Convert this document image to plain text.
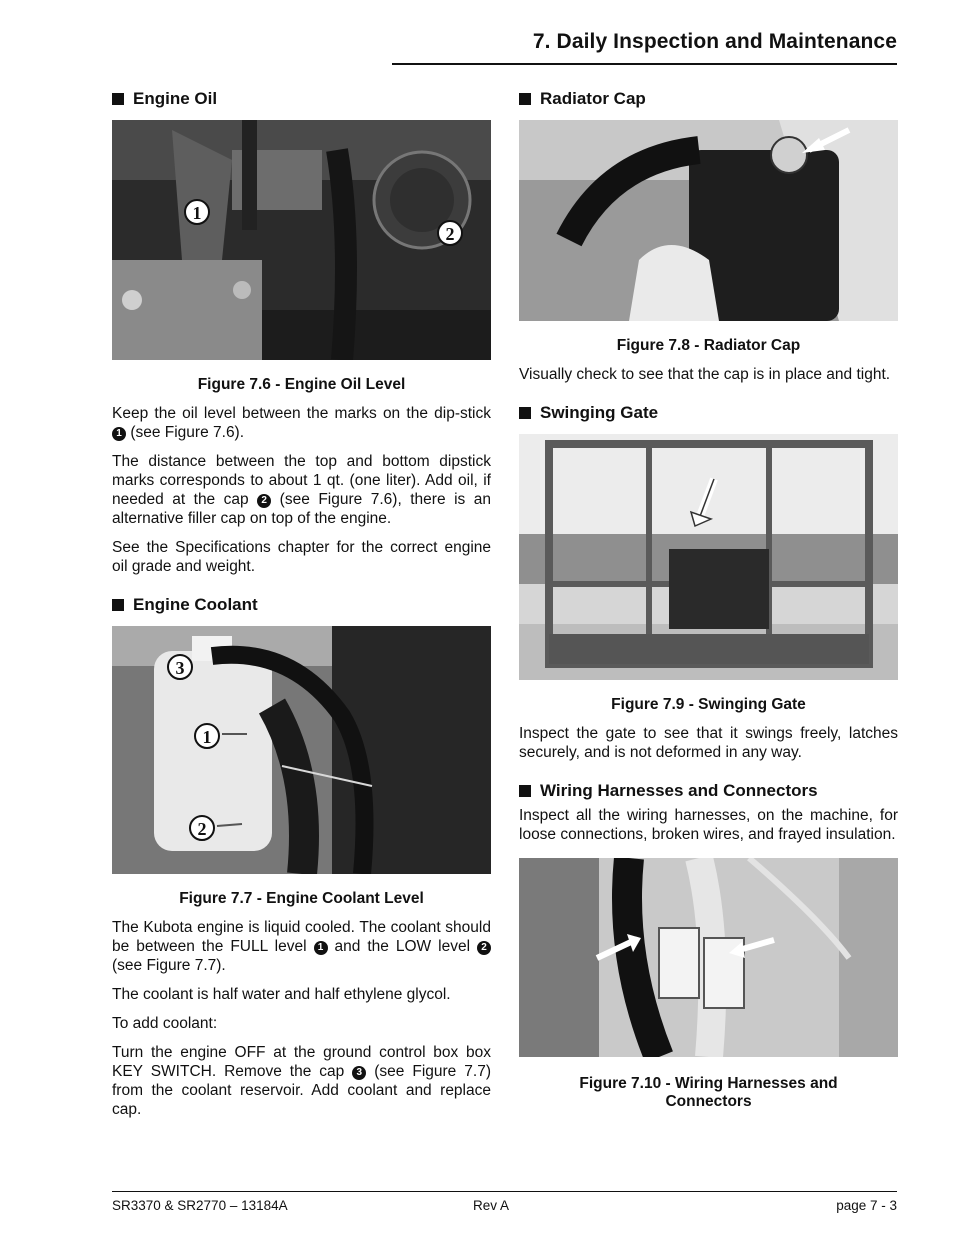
7. Daily Inspection and Maintenance
Engine Oil
1
2
Figure 7.6 - Engine Oil Level

Keep the oil level between the marks on the dip-stick 1 (see Figure 7.6).

The distance between the top and bottom dipstick marks corresponds to about 1 qt. (one liter). Add oil, if needed at the cap 2 (see Figure 7.6), there is an alternative filler cap on top of the engine.

See the Specifications chapter for the correct engine oil grade and weight.

Engine Coolant
3
1
2
Figure 7.7 - Engine Coolant Level

The Kubota engine is liquid cooled. The coolant should be between the FULL level 1 and the LOW level 2 (see Figure 7.7).

The coolant is half water and half ethylene glycol.

To add coolant:

Turn the engine OFF at the ground control box box KEY SWITCH. Remove the cap 3 (see Figure 7.7) from the coolant reservoir. Add coolant and replace cap.

Radiator Cap
Figure 7.8 - Radiator Cap

Visually check to see that the cap is in place and tight.

Swinging Gate
Figure 7.9 - Swinging Gate

Inspect the gate to see that it swings freely, latches securely, and is not deformed in any way.

Wiring Harnesses and Connectors

Inspect all the wiring harnesses, on the machine, for loose connections, broken wires, and frayed insulation.

Figure 7.10 - Wiring Harnesses and
Connectors
SR3370 & SR2770 – 13184A	Rev A	page 7 - 3
